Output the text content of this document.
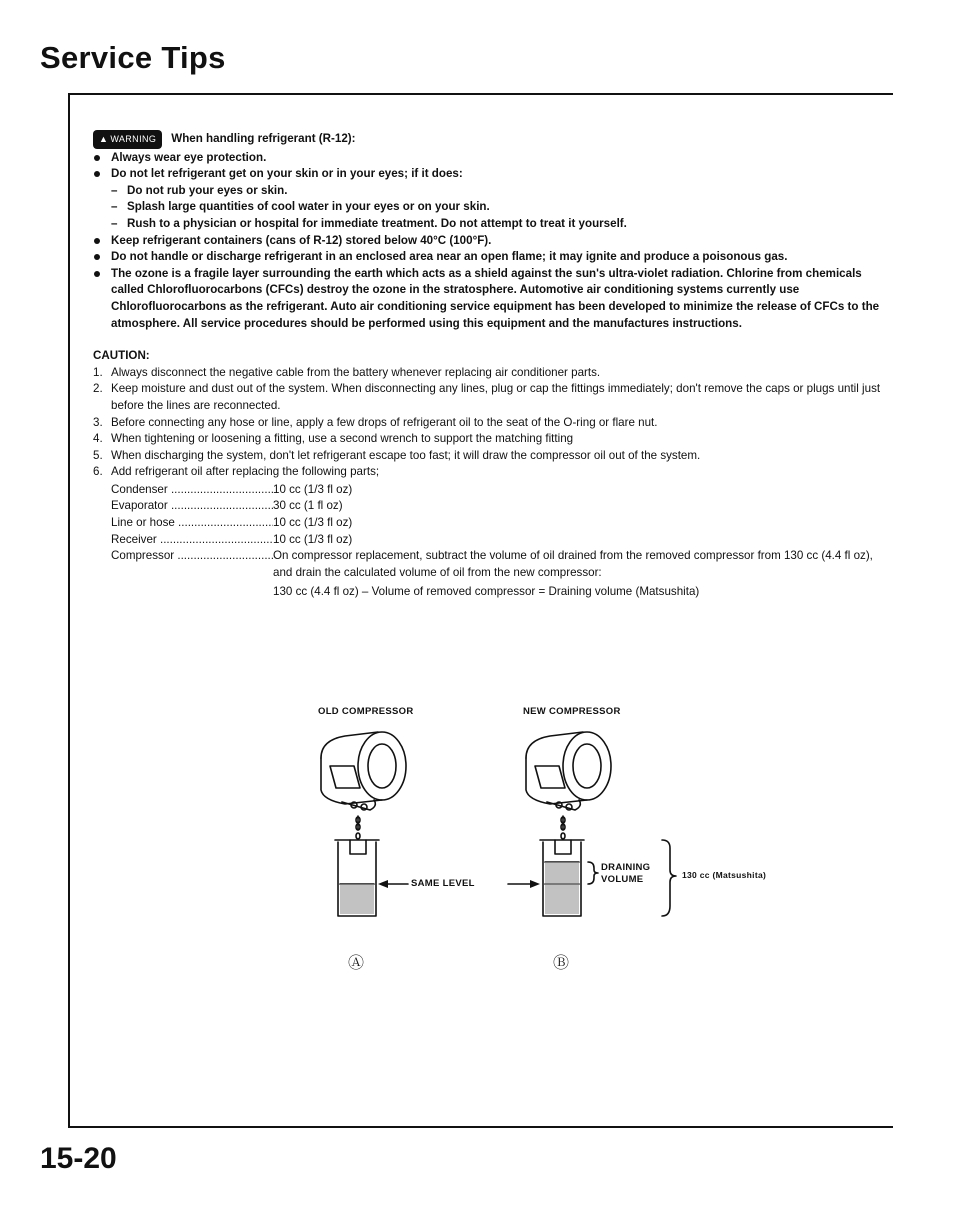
Service Tips
▲ WARNING When handling refrigerant (R-12):
Always wear eye protection.
Do not let refrigerant get on your skin or in your eyes; if it does:
– Do not rub your eyes or skin.
– Splash large quantities of cool water in your eyes or on your skin.
– Rush to a physician or hospital for immediate treatment. Do not attempt to treat it yourself.
Keep refrigerant containers (cans of R-12) stored below 40°C (100°F).
Do not handle or discharge refrigerant in an enclosed area near an open flame; it may ignite and produce a poisonous gas.
The ozone is a fragile layer surrounding the earth which acts as a shield against the sun's ultra-violet radiation. Chlorine from chemicals called Chlorofluorocarbons (CFCs) destroy the ozone in the stratosphere. Automotive air conditioning systems currently use Chlorofluorocarbons as the refrigerant. Auto air conditioning service equipment has been developed to minimize the release of CFCs to the atmosphere. All service procedures should be performed using this equipment and the manufactures instructions.
CAUTION:
1. Always disconnect the negative cable from the battery whenever replacing air conditioner parts.
2. Keep moisture and dust out of the system. When disconnecting any lines, plug or cap the fittings immediately; don't remove the caps or plugs until just before the lines are reconnected.
3. Before connecting any hose or line, apply a few drops of refrigerant oil to the seat of the O-ring or flare nut.
4. When tightening or loosening a fitting, use a second wrench to support the matching fitting
5. When discharging the system, don't let refrigerant escape too fast; it will draw the compressor oil out of the system.
6. Add refrigerant oil after replacing the following parts;
Condenser .....	10 cc (1/3 fl oz)
Evaporator .....	30 cc (1 fl oz)
Line or hose .....	10 cc (1/3 fl oz)
Receiver .....	10 cc (1/3 fl oz)
Compressor .....	On compressor replacement, subtract the volume of oil drained from the removed compressor from 130 cc (4.4 fl oz), and drain the calculated volume of oil from the new compressor:
130 cc (4.4 fl oz) – Volume of removed compressor = Draining volume (Matsushita)
OLD COMPRESSOR	NEW COMPRESSOR
SAME LEVEL
DRAINING
VOLUME	130 cc (Matsushita)
Ⓐ	Ⓑ
15-20
